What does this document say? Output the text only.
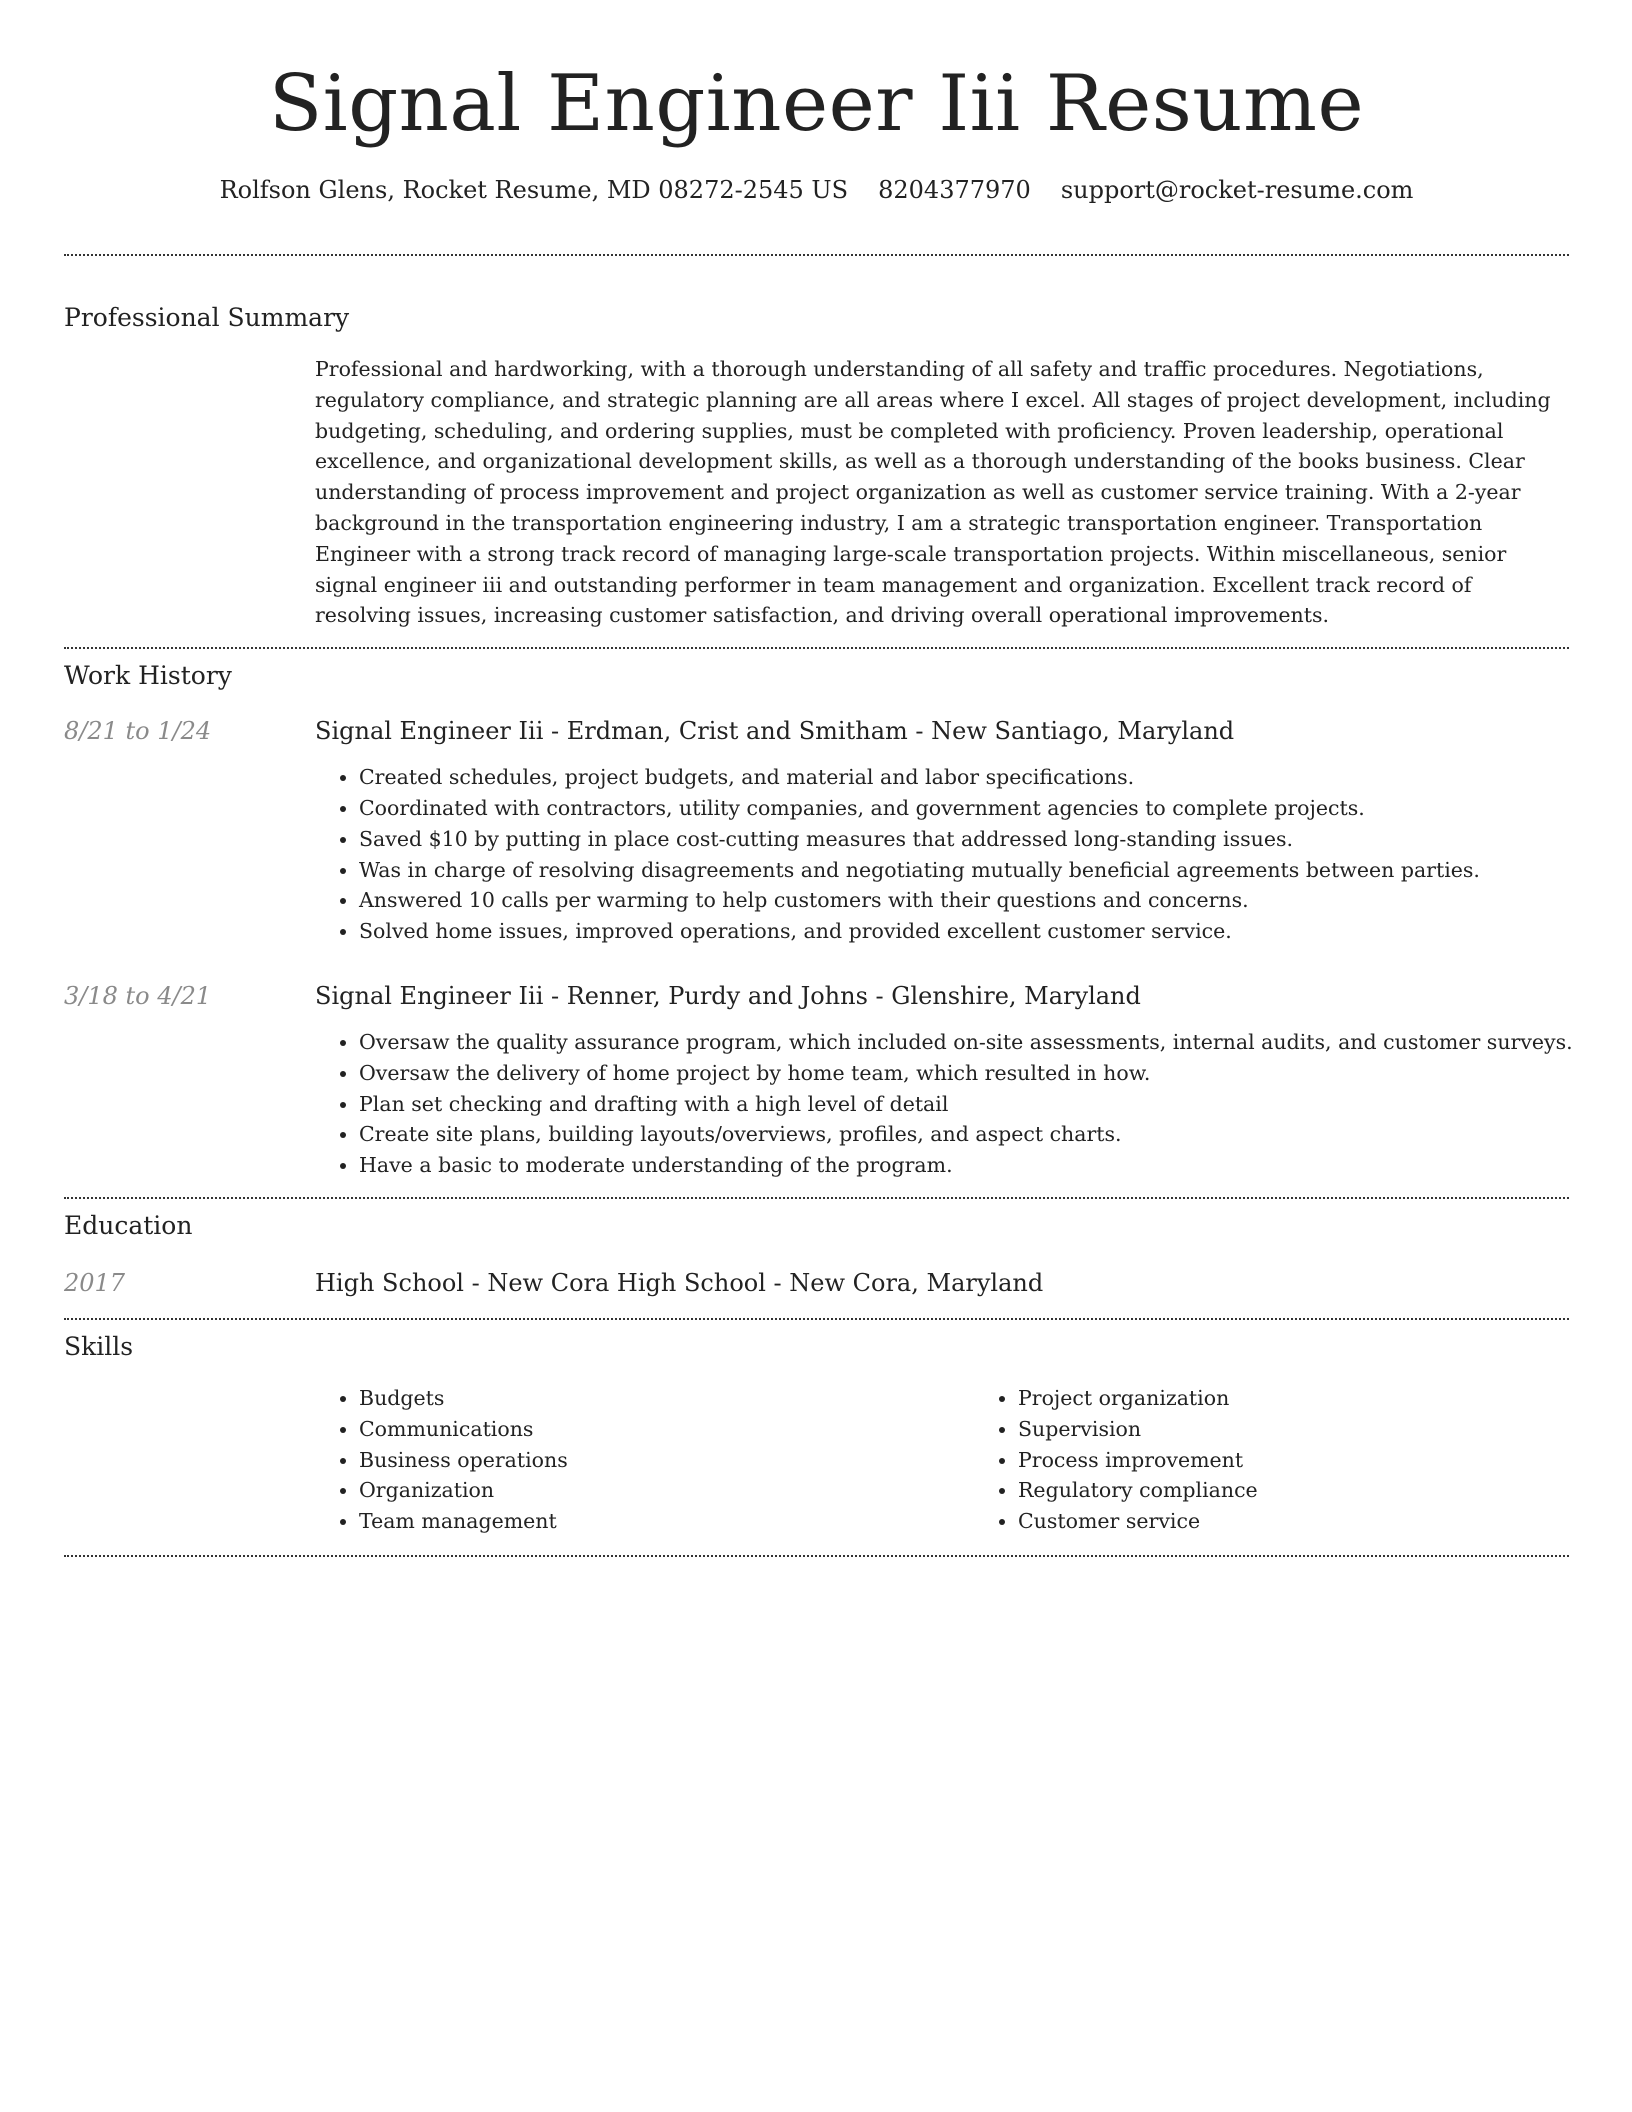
Signal Engineer Iii Resume
Rolfson Glens, Rocket Resume, MD 08272-2545 US 8204377970 support@rocket-resume.com
Professional Summary

Professional and hardworking, with a thorough understanding of all safety and traffic procedures. Negotiations, regulatory compliance, and strategic planning are all areas where I excel. All stages of project development, including budgeting, scheduling, and ordering supplies, must be completed with proficiency. Proven leadership, operational excellence, and organizational development skills, as well as a thorough understanding of the books business. Clear understanding of process improvement and project organization as well as customer service training. With a 2-year background in the transportation engineering industry, I am a strategic transportation engineer. Transportation Engineer with a strong track record of managing large-scale transportation projects. Within miscellaneous, senior signal engineer iii and outstanding performer in team management and organization. Excellent track record of resolving issues, increasing customer satisfaction, and driving overall operational improvements.

Work History
8/21 to 1/24	Signal Engineer Iii - Erdman, Crist and Smitham - New Santiago, Maryland
• Created schedules, project budgets, and material and labor specifications.
• Coordinated with contractors, utility companies, and government agencies to complete projects.
• Saved $10 by putting in place cost-cutting measures that addressed long-standing issues.
• Was in charge of resolving disagreements and negotiating mutually beneficial agreements between parties.
• Answered 10 calls per warming to help customers with their questions and concerns.
• Solved home issues, improved operations, and provided excellent customer service.
3/18 to 4/21	Signal Engineer Iii - Renner, Purdy and Johns - Glenshire, Maryland
• Oversaw the quality assurance program, which included on-site assessments, internal audits, and customer surveys.
• Oversaw the delivery of home project by home team, which resulted in how.
• Plan set checking and drafting with a high level of detail
• Create site plans, building layouts/overviews, profiles, and aspect charts.
• Have a basic to moderate understanding of the program.
Education
2017	High School - New Cora High School - New Cora, Maryland
Skills
• Budgets
• Communications
• Business operations
• Organization
• Team management
• Project organization
• Supervision
• Process improvement
• Regulatory compliance
• Customer service
